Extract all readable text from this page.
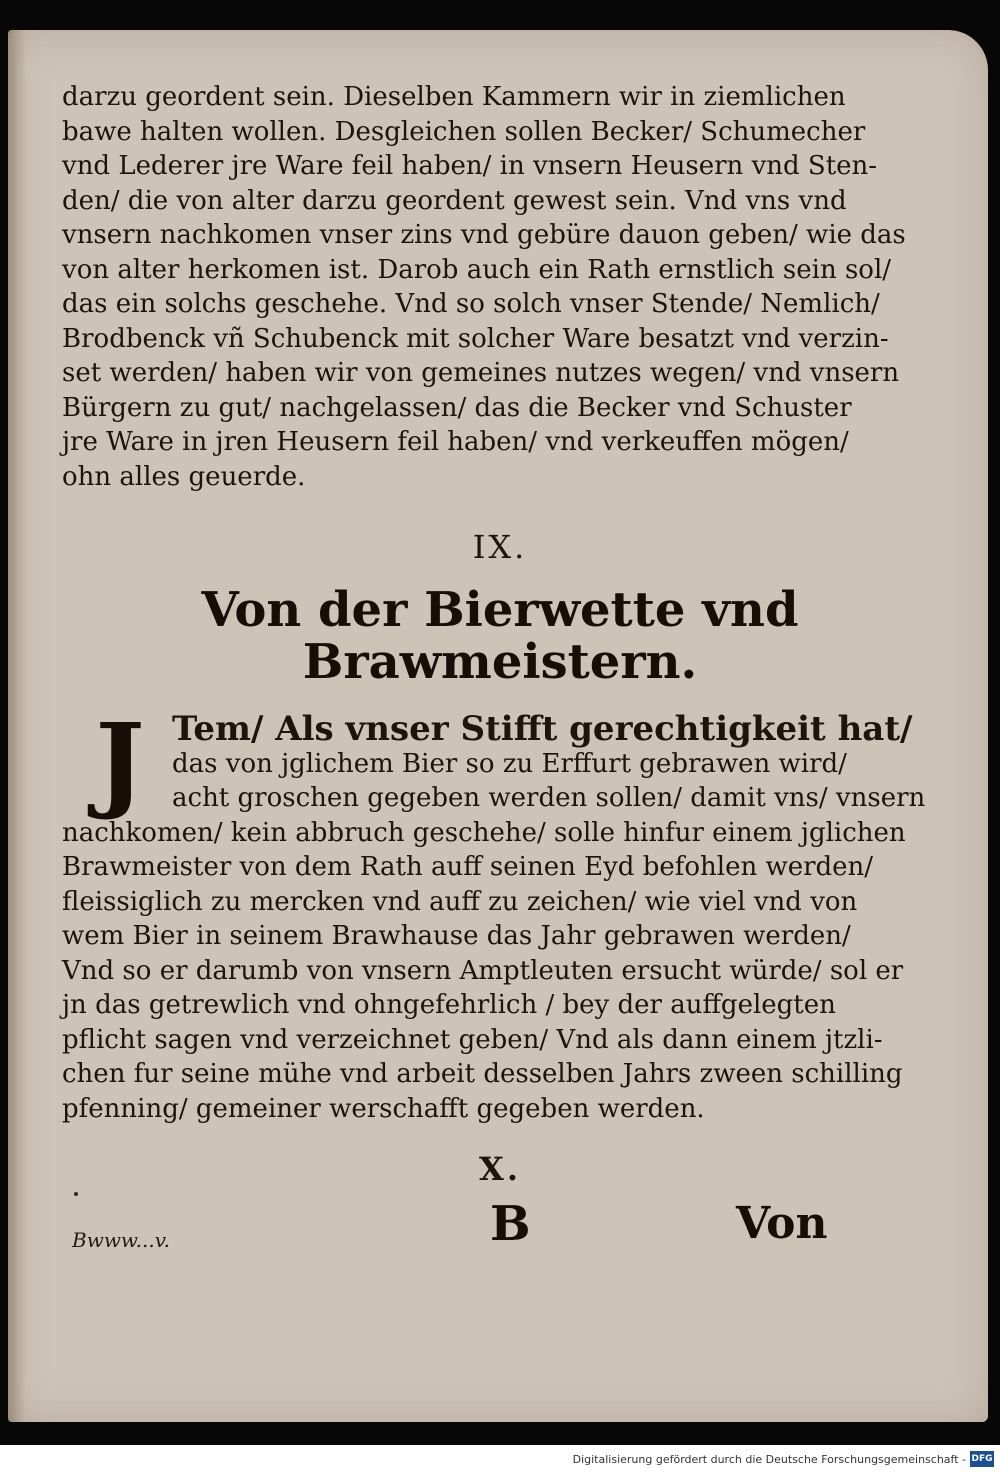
darzu geordent sein. Dieselben Kammern wir in ziemlichen
bawe halten wollen. Desgleichen sollen Becker/ Schumecher
vnd Lederer jre Ware feil haben/ in vnsern Heusern vnd Sten-
den/ die von alter darzu geordent gewest sein. Vnd vns vnd
vnsern nachkomen vnser zins vnd gebüre dauon geben/ wie das
von alter herkomen ist. Darob auch ein Rath ernstlich sein sol/
das ein solchs geschehe. Vnd so solch vnser Stende/ Nemlich/
Brodbenck vñ Schubenck mit solcher Ware besatzt vnd verzin-
set werden/ haben wir von gemeines nutzes wegen/ vnd vnsern
Bürgern zu gut/ nachgelassen/ das die Becker vnd Schuster
jre Ware in jren Heusern feil haben/ vnd verkeuffen mögen/
ohn alles geuerde.
IX.
Von der Bierwette vnd
Brawmeistern.
J Tem/ Als vnser Stifft gerechtigkeit hat/
das von jglichem Bier so zu Erffurt gebrawen wird/
acht groschen gegeben werden sollen/ damit vns/ vnsern
nachkomen/ kein abbruch geschehe/ solle hinfur einem jglichen
Brawmeister von dem Rath auff seinen Eyd befohlen werden/
fleissiglich zu mercken vnd auff zu zeichen/ wie viel vnd von
wem Bier in seinem Brawhause das Jahr gebrawen werden/
Vnd so er darumb von vnsern Amptleuten ersucht würde/ sol er
jn das getrewlich vnd ohngefehrlich / bey der auffgelegten
pflicht sagen vnd verzeichnet geben/ Vnd als dann einem jtzli-
chen fur seine mühe vnd arbeit desselben Jahrs zween schilling
pfenning/ gemeiner werschafft gegeben werden.
X.
Bwww...v.	B	Von
Digitalisierung gefördert durch die Deutsche Forschungsgemeinschaft - DFG
